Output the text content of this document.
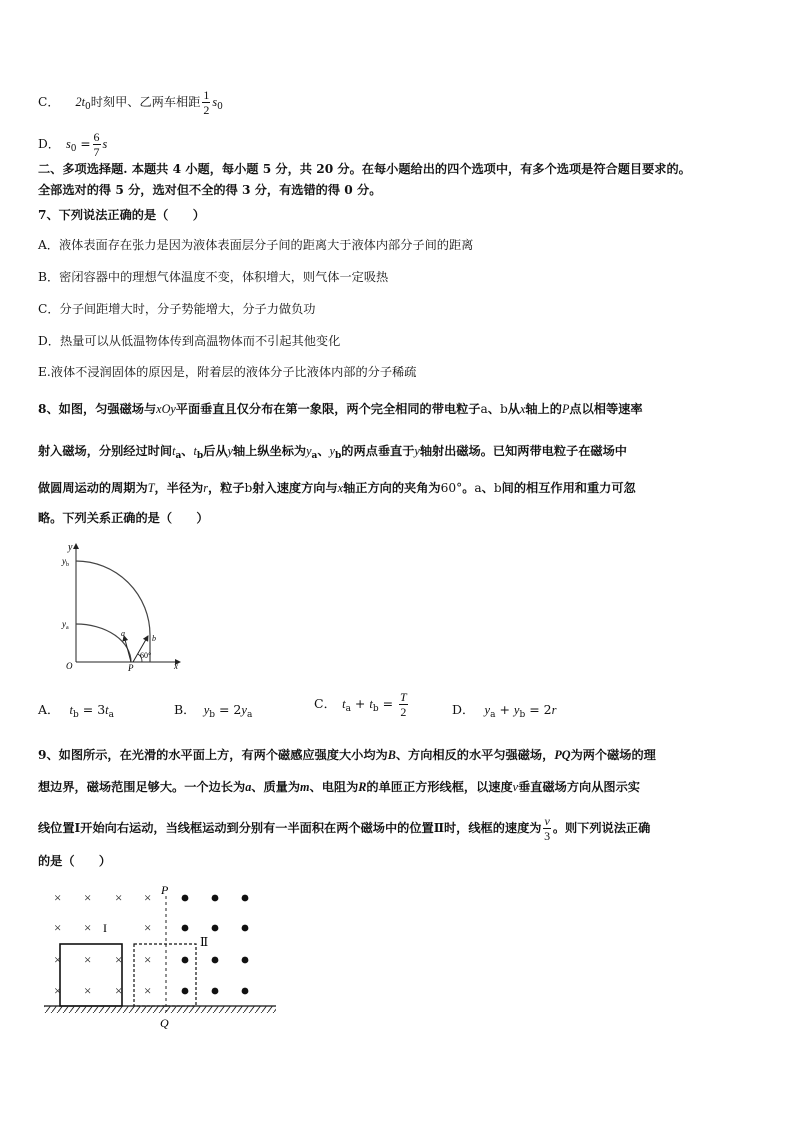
C． $2t_0$时刻甲、乙两车相距 $\frac{1}{2} s_0$
D． $s_0 = \frac{6}{7}$ s
二、多项选择题. 本题共 4 小题，每小题 5 分，共 20 分。在每小题给出的四个选项中，有多个选项是符合题目要求的。
全部选对的得 5 分，选对但不全的得 3 分，有选错的得 0 分。
7、下列说法正确的是（　　）
A．液体表面存在张力是因为液体表面层分子间的距离大于液体内部分子间的距离
B．密闭容器中的理想气体温度不变，体积增大，则气体一定吸热
C．分子间距增大时，分子势能增大，分子力做负功
D．热量可以从低温物体传到高温物体而不引起其他变化
E.液体不浸润固体的原因是，附着层的液体分子比液体内部的分子稀疏
8、如图，匀强磁场与xOy平面垂直且仅分布在第一象限，两个完全相同的带电粒子a、b从x轴上的P点以相等速率
射入磁场，分别经过时间$t_a$、$t_b$后从y轴上纵坐标为$y_a$、$y_b$的两点垂直于y轴射出磁场。已知两带电粒子在磁场中
做圆周运动的周期为T，半径为r，粒子b射入速度方向与x轴正方向的夹角为60°。a、b间的相互作用和重力可忽
略。下列关系正确的是（　　）
y
$y_b$
$y_a$
O	P	x
a
b
60°
A． $t_b = 3t_a$	B． $y_b = 2y_a$
C． $t_a + t_b = \frac{T}{2}$	D． $y_a + y_b = 2r$
9、如图所示，在光滑的水平面上方，有两个磁感应强度大小均为B、方向相反的水平匀强磁场，PQ为两个磁场的理
想边界，磁场范围足够大。一个边长为a、质量为m、电阻为R的单匝正方形线框，以速度v垂直磁场方向从图示实
线位置Ⅰ开始向右运动，当线框运动到分别有一半面积在两个磁场中的位置Ⅱ时，线框的速度为 $\frac{v}{3}$ 。则下列说法正确
的是（　　）
× × × ×
× ×	×
× × × ×
× × × ×
P
Q
I
Ⅱ
